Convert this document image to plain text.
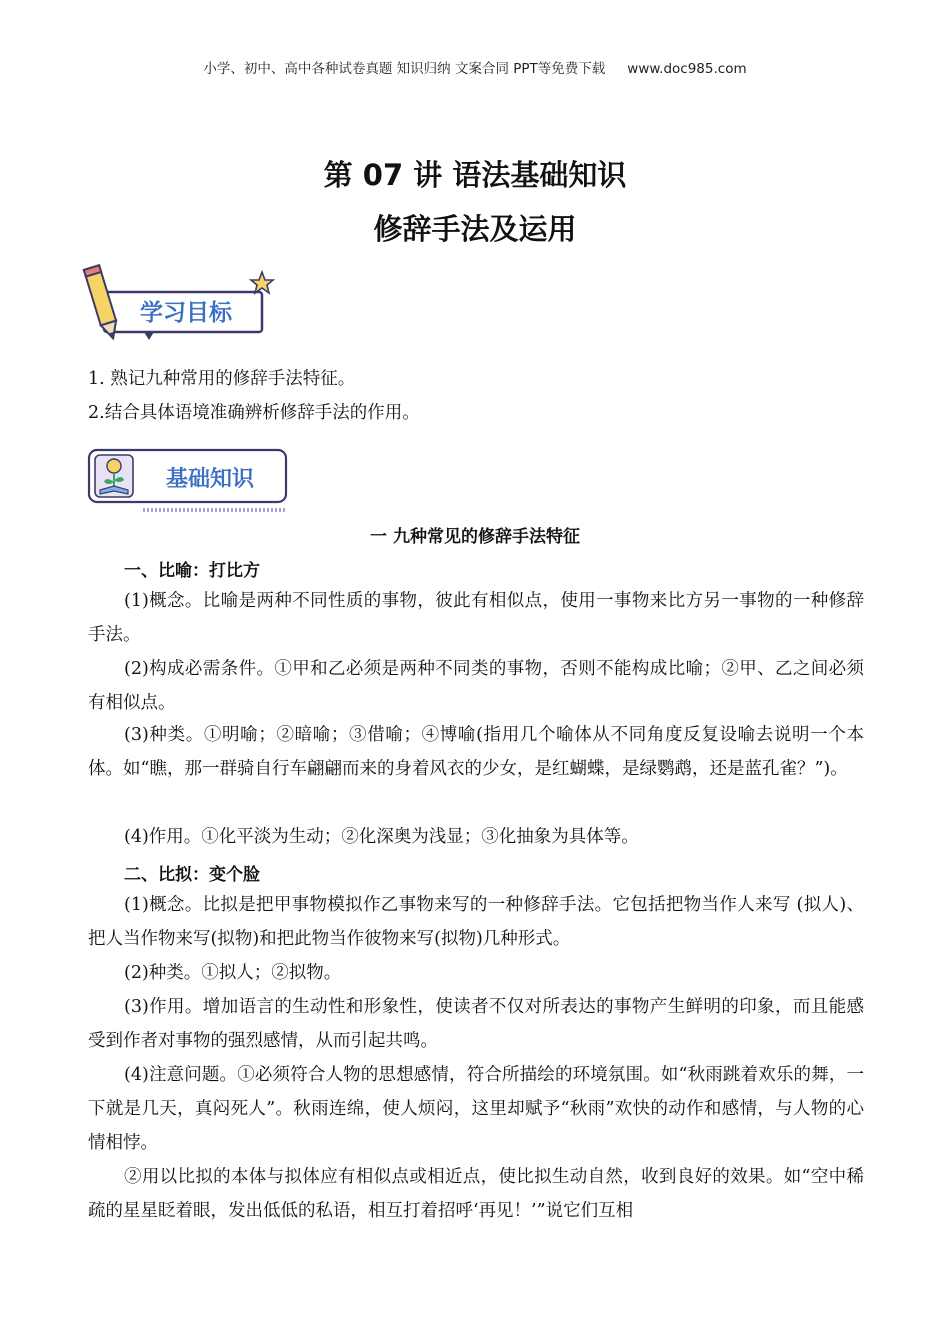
小学、初中、高中各种试卷真题 知识归纳 文案合同 PPT等免费下载 www.doc985.com
第 07 讲 语法基础知识
修辞手法及运用
学习目标

1. 熟记九种常用的修辞手法特征。

2.结合具体语境准确辨析修辞手法的作用。

基础知识
一 九种常见的修辞手法特征
一、比喻：打比方

(1)概念。比喻是两种不同性质的事物，彼此有相似点，使用一事物来比方另一事物的一种修辞手法。

(2)构成必需条件。①甲和乙必须是两种不同类的事物，否则不能构成比喻；②甲、乙之间必须有相似点。

(3)种类。①明喻；②暗喻；③借喻；④博喻(指用几个喻体从不同角度反复设喻去说明一个本体。如“瞧，那一群骑自行车翩翩而来的身着风衣的少女，是红蝴蝶，是绿鹦鹉，还是蓝孔雀？”)。

(4)作用。①化平淡为生动；②化深奥为浅显；③化抽象为具体等。

二、比拟：变个脸

(1)概念。比拟是把甲事物模拟作乙事物来写的一种修辞手法。它包括把物当作人来写 (拟人)、把人当作物来写(拟物)和把此物当作彼物来写(拟物)几种形式。

(2)种类。①拟人；②拟物。

(3)作用。增加语言的生动性和形象性，使读者不仅对所表达的事物产生鲜明的印象，而且能感受到作者对事物的强烈感情，从而引起共鸣。

(4)注意问题。①必须符合人物的思想感情，符合所描绘的环境氛围。如“秋雨跳着欢乐的舞，一下就是几天，真闷死人”。秋雨连绵，使人烦闷，这里却赋予“秋雨”欢快的动作和感情，与人物的心情相悖。

②用以比拟的本体与拟体应有相似点或相近点，使比拟生动自然，收到良好的效果。如“空中稀疏的星星眨着眼，发出低低的私语，相互打着招呼‘再见！’”说它们互相
